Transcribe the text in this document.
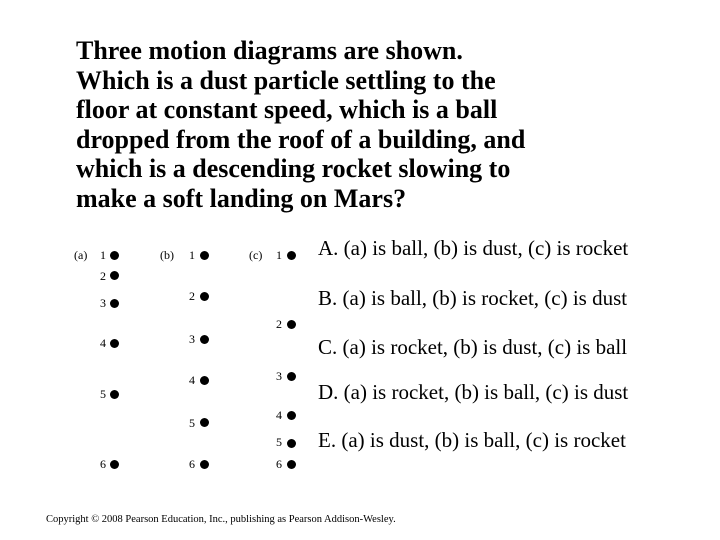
Three motion diagrams are shown.
Which is a dust particle settling to the
floor at constant speed, which is a ball
dropped from the roof of a building, and
which is a descending rocket slowing to
make a soft landing on Mars?
(a)	1
2
3
4
5
6
(b)	1
2
3
4
5
6
(c)	1
2
3
4
5
6
A. (a) is ball, (b) is dust, (c) is rocket
B. (a) is ball, (b) is rocket, (c) is dust
C. (a) is rocket, (b) is dust, (c) is ball
D. (a) is rocket, (b) is ball, (c) is dust
E. (a) is dust, (b) is ball, (c) is rocket
Copyright © 2008 Pearson Education, Inc., publishing as Pearson Addison-Wesley.
